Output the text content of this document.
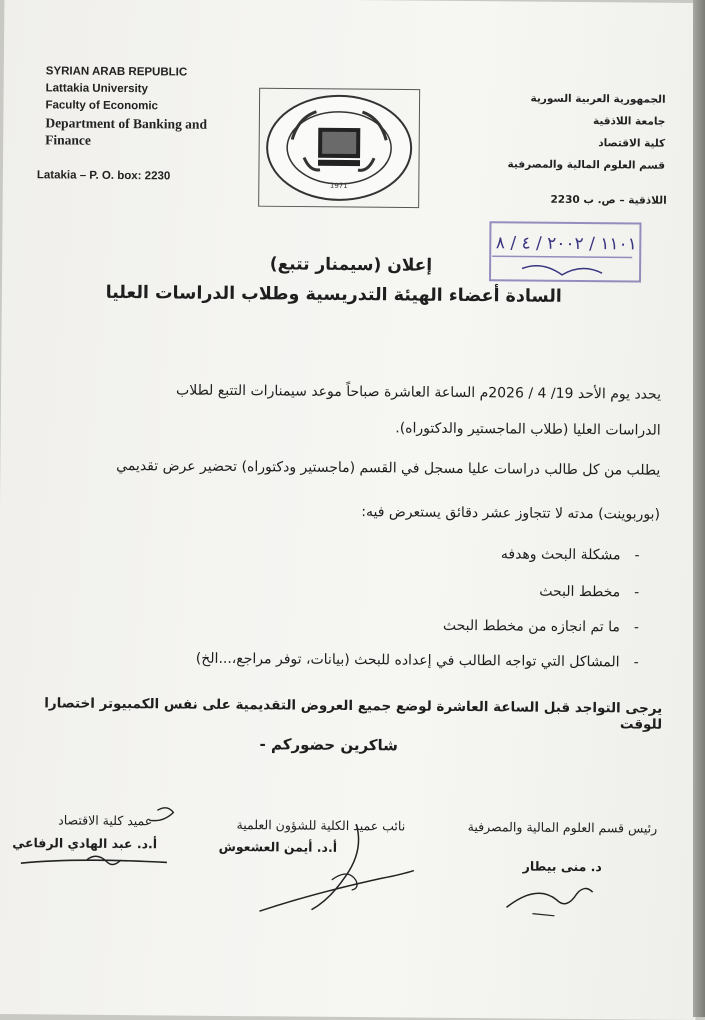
SYRIAN ARAB REPUBLIC
Lattakia University
Faculty of Economic
Department of Banking and
Finance
Latakia – P. O. box: 2230
الجمهورية العربية السورية
جامعة اللاذقية
كلية الاقتصاد
قسم العلوم المالية والمصرفية
اللاذقية – ص. ب 2230
1971
١١٠١ / ٢٠٠٢ / ٤ / ٨
إعلان (سيمنار تتبع)
السادة أعضاء الهيئة التدريسية وطلاب الدراسات العليا
يحدد يوم الأحد 19/ 4 / 2026م الساعة العاشرة صباحاً موعد سيمنارات التتبع لطلاب
الدراسات العليا (طلاب الماجستير والدكتوراه).
يطلب من كل طالب دراسات عليا مسجل في القسم (ماجستير ودكتوراه) تحضير عرض تقديمي
(بوربوينت) مدته لا تتجاوز عشر دقائق يستعرض فيه:
-مشكلة البحث وهدفه
-مخطط البحث
-ما تم انجازه من مخطط البحث
-المشاكل التي تواجه الطالب في إعداده للبحث (بيانات، توفر مراجع،...الخ)
يرجى التواجد قبل الساعة العاشرة لوضع جميع العروض التقديمية على نفس الكمبيوتر اختصارا للوقت
شاكرين حضوركم -
رئيس قسم العلوم المالية والمصرفية
د. منى بيطار
نائب عميد الكلية للشؤون العلمية
أ.د. أيمن العشعوش
عميد كلية الاقتصاد
أ.د. عبد الهادي الرفاعي
